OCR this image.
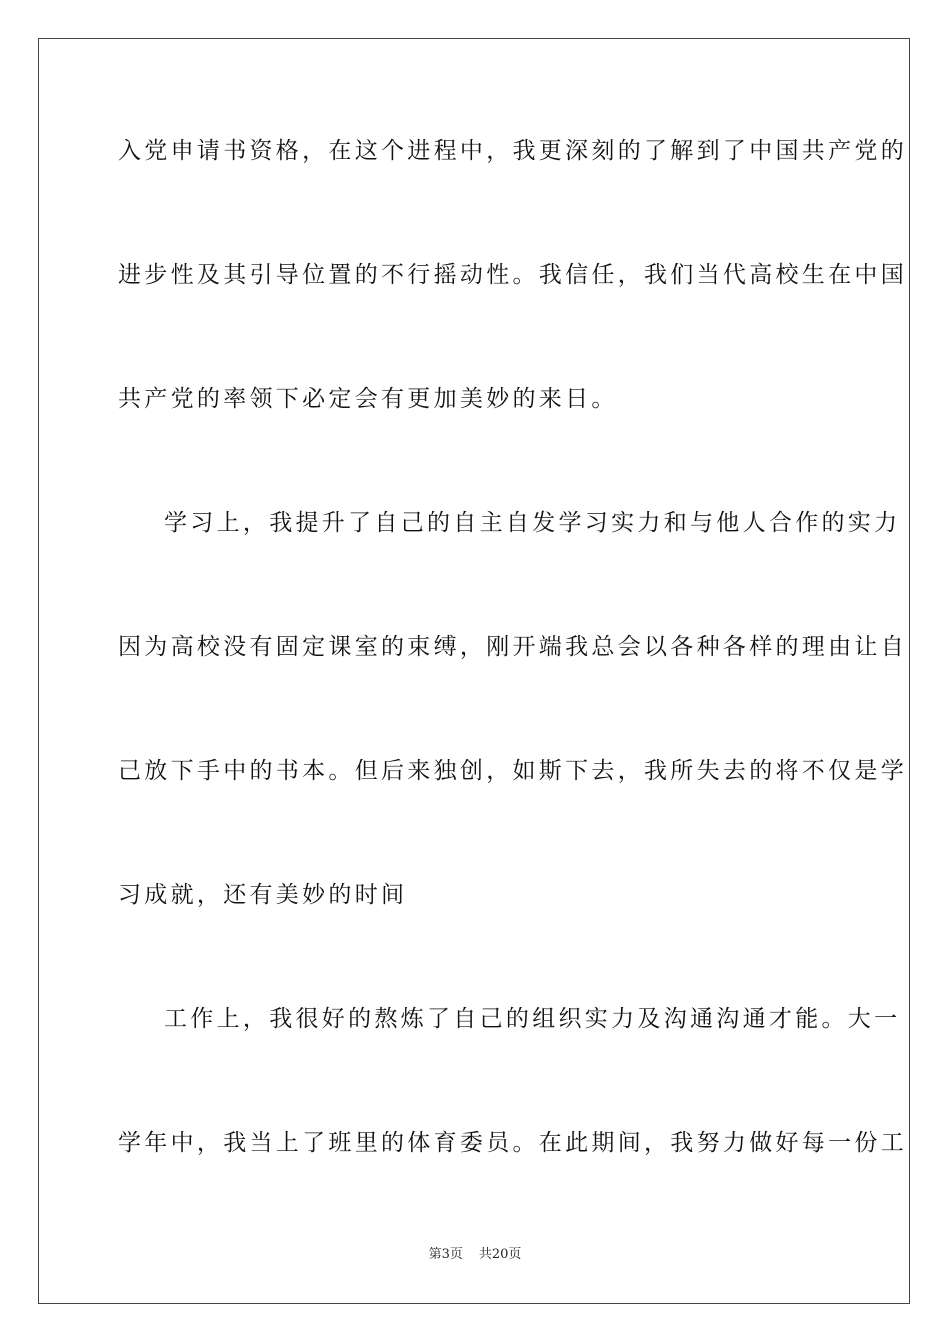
入党申请书资格，在这个进程中，我更深刻的了解到了中国共产党的
进步性及其引导位置的不行摇动性。我信任，我们当代高校生在中国
共产党的率领下必定会有更加美妙的来日。
学习上，我提升了自己的自主自发学习实力和与他人合作的实力
因为高校没有固定课室的束缚，刚开端我总会以各种各样的理由让自
己放下手中的书本。但后来独创，如斯下去，我所失去的将不仅是学
习成就，还有美妙的时间
工作上，我很好的熬炼了自己的组织实力及沟通沟通才能。大一
学年中，我当上了班里的体育委员。在此期间，我努力做好每一份工
第3页 共20页
